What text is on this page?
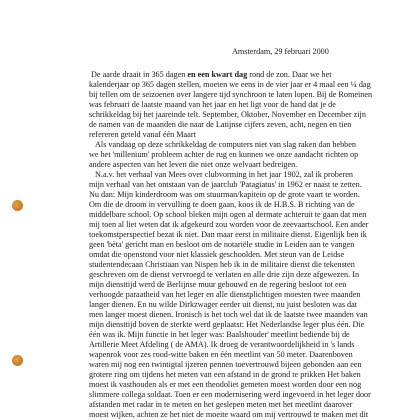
Amsterdam, 29 februari 2000
De aarde draait in 365 dagen en een kwart dag rond de zon. Daar we het
kalenderjaar op 365 dagen stellen, moeten we eens in de vier jaar er 4 maal een ¼ dag
bij tellen om de seizoenen over langere tijd synchroon te laten lopen. Bij de Romeinen
was februari de laatste maand van het jaar en het ligt voor de hand dat je de
schrikkeldag bij het jaareinde telt. September, Oktober, November en December zijn
de namen van de maanden die naar de Latijnse cijfers zeven, acht, negen en tien
refereren geteld vanaf één Maart
Als vandaag op deze schrikkeldag de computers niet van slag raken dan hebben
we het 'millenium' probleem achter de rug en kunnen we onze aandacht richten op
andere aspecten van het leven die niet onze welvaart bedreigen.
N.a.v. het verhaal van Mees over clubvorming in het jaar 1902, zal ik proberen
mijn verhaal van het ontstaan van de jaarclub 'Patagiatus' in 1962 er naast te zetten.
Nu dan: Mijn kinderdroom was om stuurman/kapitein op de grote vaart te worden.
Om die de droom in vervulling te doen gaan, koos ik de H.B.S. B richting van de
middelbare school. Op school bleken mijn ogen al dermate achteruit te gaan dat men
mij toen al liet weten dat ik afgekeurd zou worden voor de zeevaartschool. Een ander
toekomstperspectief bezat ik niet. Dan maar eerst in militaire dienst. Eigenlijk ben ik
geen 'bèta' gericht man en besloot om de notariële studie in Leiden aan te vangen
omdat die openstond voor niet klassiek geschoolden. Met steun van de Leidse
studentendecaan Christiaan van Nispen heb ik in de militaire dienst die tekensten
geschreven om de dienst vervroegd te verlaten en alle drie zijn deze afgewezen. In
mijn diensttijd werd de Berlijnse muur gebouwd en de regering besloot tot een
verhoogde paraatheid van het leger en alle dienstplichtigen moesten twee maanden
langer dienen. En nu wilde Dirkzwager eerder uit dienst, nu juist besloten was dat
men langer moest dienen. Ironisch is het toch wel dat ik de laatste twee maanden van
mijn diensttijd boven de sterkte werd geplaatst: Het Nederlandse leger plus één. Die
één was ik. Mijn functie in het leger was: Baalshouder' meetlint bediende bij de
Artillerie Meet Afdeling ( de AMA). Ik droeg de verantwoordelijkheid in 's lands
wapenrok voor zes rood-witte baken en één meetlint van 50 meter. Daarenboven
waren mij nog een twintigtal ijzeren pennen toevertrouwd bijeen gebonden aan een
grotere ring om tijdens het meten van een afstand in de grond te prikken Het baken
moest ik vasthouden als er met een theodoliet gemeten moest worden door een nog
slimmere collega soldaat. Toen er een modernisering werd ingevoerd in het leger door
afstanden met radar in te meten en het geslepen meten met het meetlint daarover
moest wijken, achten ze het niet de moeite waard om mij vertrouwd te maken met dit
